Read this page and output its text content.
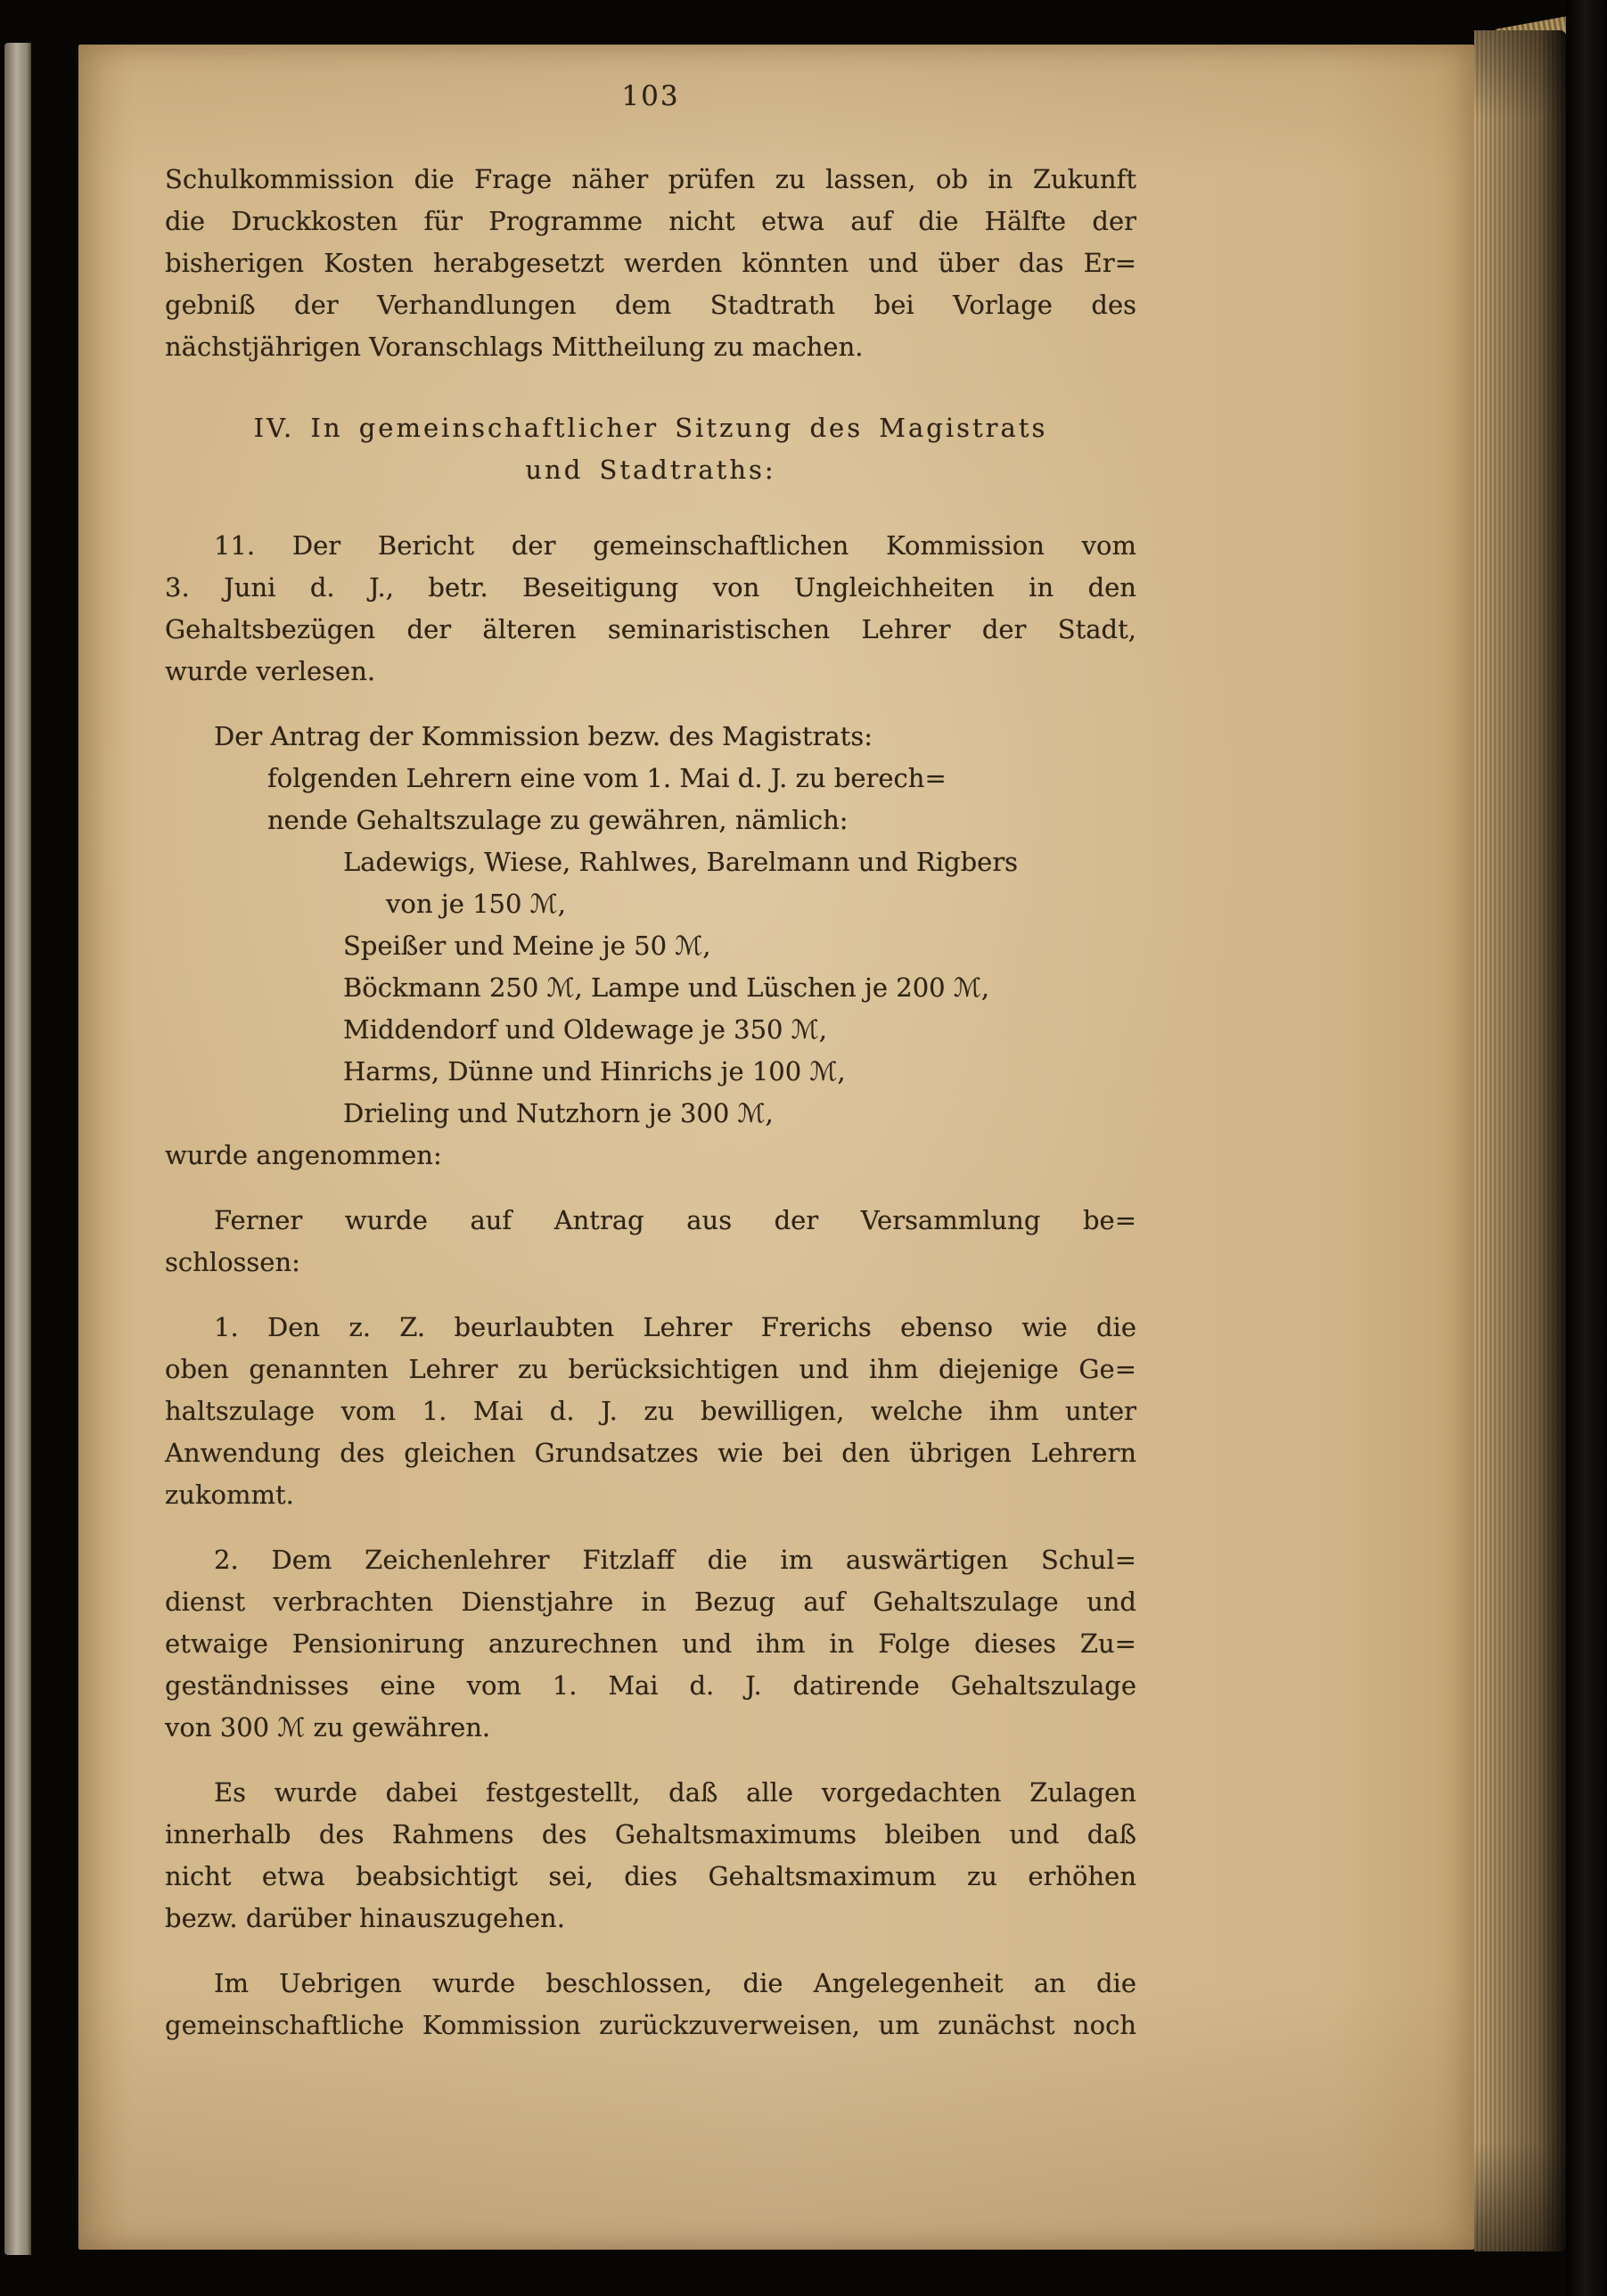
103
Schulkommission die Frage näher prüfen zu lassen, ob in Zukunft
die Druckkosten für Programme nicht etwa auf die Hälfte der
bisherigen Kosten herabgesetzt werden könnten und über das Er=
gebniß der Verhandlungen dem Stadtrath bei Vorlage des
nächstjährigen Voranschlags Mittheilung zu machen.
IV. In gemeinschaftlicher Sitzung des Magistrats
und Stadtraths:
11. Der Bericht der gemeinschaftlichen Kommission vom
3. Juni d. J., betr. Beseitigung von Ungleichheiten in den
Gehaltsbezügen der älteren seminaristischen Lehrer der Stadt,
wurde verlesen.
Der Antrag der Kommission bezw. des Magistrats:
folgenden Lehrern eine vom 1. Mai d. J. zu berech=
nende Gehaltszulage zu gewähren, nämlich:
Ladewigs, Wiese, Rahlwes, Barelmann und Rigbers
von je 150 ℳ,
Speißer und Meine je 50 ℳ,
Böckmann 250 ℳ, Lampe und Lüschen je 200 ℳ,
Middendorf und Oldewage je 350 ℳ,
Harms, Dünne und Hinrichs je 100 ℳ,
Drieling und Nutzhorn je 300 ℳ,
wurde angenommen:
Ferner wurde auf Antrag aus der Versammlung be=
schlossen:
1. Den z. Z. beurlaubten Lehrer Frerichs ebenso wie die
oben genannten Lehrer zu berücksichtigen und ihm diejenige Ge=
haltszulage vom 1. Mai d. J. zu bewilligen, welche ihm unter
Anwendung des gleichen Grundsatzes wie bei den übrigen Lehrern
zukommt.
2. Dem Zeichenlehrer Fitzlaff die im auswärtigen Schul=
dienst verbrachten Dienstjahre in Bezug auf Gehaltszulage und
etwaige Pensionirung anzurechnen und ihm in Folge dieses Zu=
geständnisses eine vom 1. Mai d. J. datirende Gehaltszulage
von 300 ℳ zu gewähren.
Es wurde dabei festgestellt, daß alle vorgedachten Zulagen
innerhalb des Rahmens des Gehaltsmaximums bleiben und daß
nicht etwa beabsichtigt sei, dies Gehaltsmaximum zu erhöhen
bezw. darüber hinauszugehen.
Im Uebrigen wurde beschlossen, die Angelegenheit an die
gemeinschaftliche Kommission zurückzuverweisen, um zunächst noch
